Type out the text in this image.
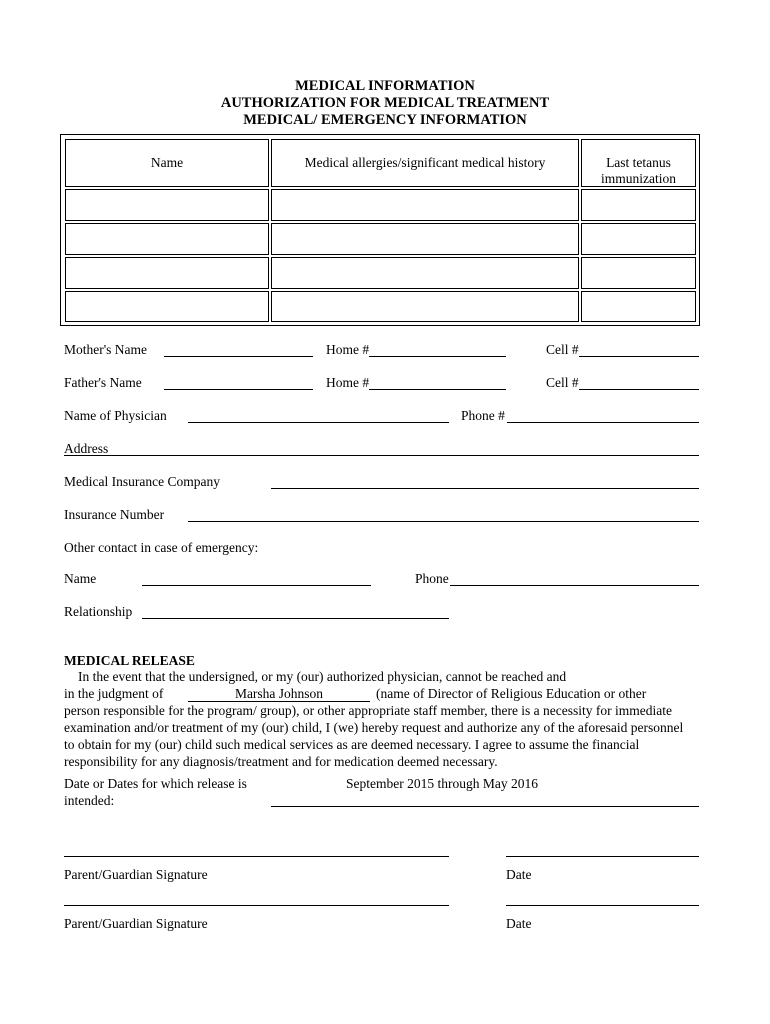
MEDICAL INFORMATION
AUTHORIZATION FOR MEDICAL TREATMENT
MEDICAL/ EMERGENCY INFORMATION
Name	Medical allergies/significant medical history	Last tetanus
immunization
Mother's Name	Home #	Cell #
Father's Name	Home #	Cell #
Name of Physician	Phone #
Address
Medical Insurance Company
Insurance Number
Other contact in case of emergency:
Name	Phone
Relationship
MEDICAL RELEASE
In the event that the undersigned, or my (our) authorized physician, cannot be reached and
in the judgment of	Marsha Johnson	(name of Director of Religious Education or other
person responsible for the program/ group), or other appropriate staff member, there is a necessity for immediate
examination and/or treatment of my (our) child, I (we) hereby request and authorize any of the aforesaid personnel
to obtain for my (our) child such medical services as are deemed necessary. I agree to assume the financial
responsibility for any diagnosis/treatment and for medication deemed necessary.
Date or Dates for which release is
intended:
September 2015 through May 2016
Parent/Guardian Signature	Date
Parent/Guardian Signature	Date
